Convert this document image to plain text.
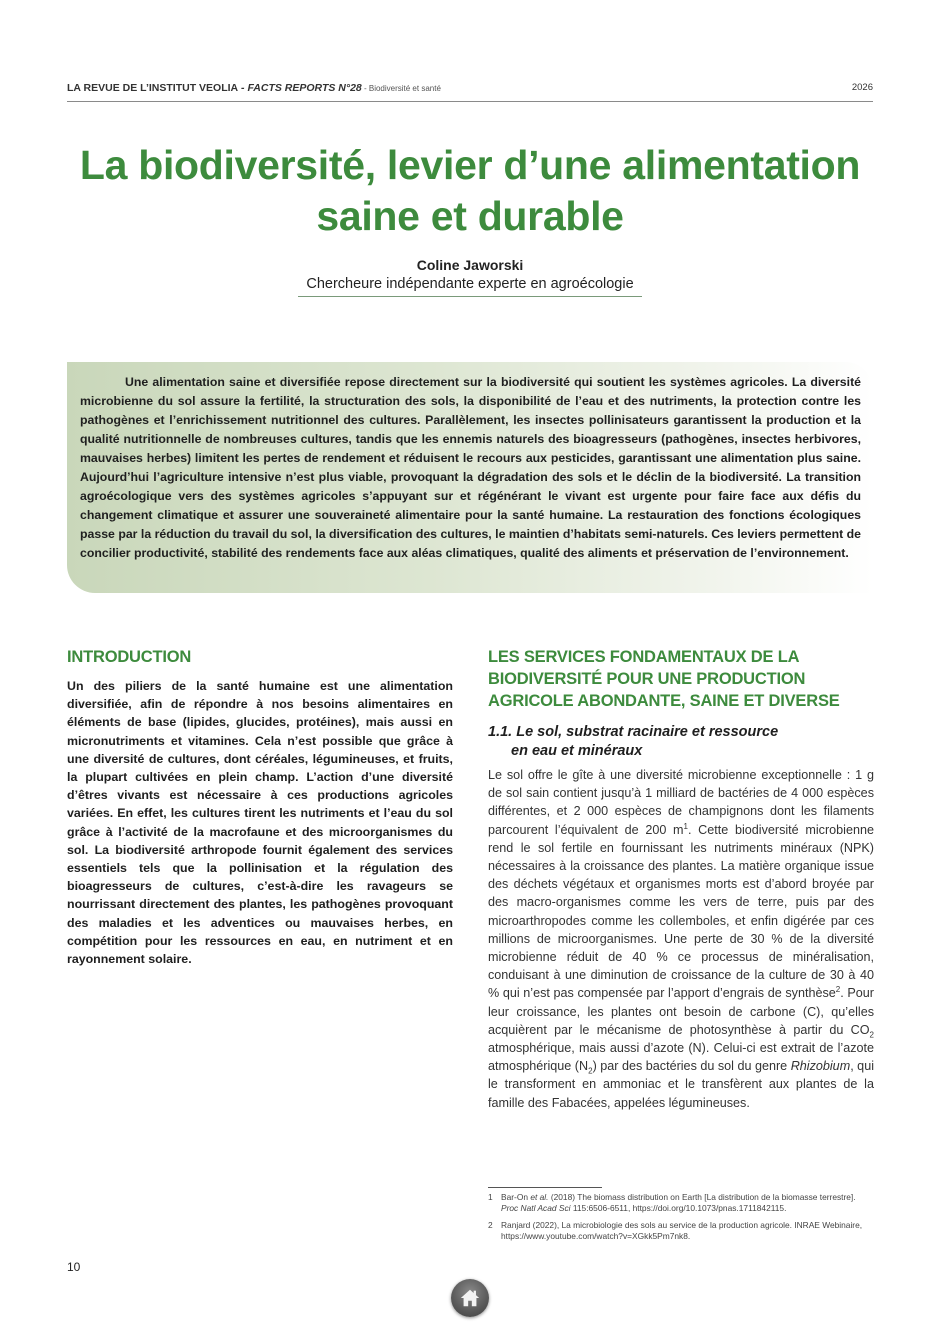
LA REVUE DE L’INSTITUT VEOLIA - FACTS REPORTS N°28 - Biodiversité et santé	2026
La biodiversité, levier d’une alimentation saine et durable
Coline Jaworski
Chercheure indépendante experte en agroécologie

Une alimentation saine et diversifiée repose directement sur la biodiversité qui soutient les systèmes agricoles. La diversité microbienne du sol assure la fertilité, la structuration des sols, la disponibilité de l’eau et des nutriments, la protection contre les pathogènes et l’enrichissement nutritionnel des cultures. Parallèlement, les insectes pollinisateurs garantissent la production et la qualité nutritionnelle de nombreuses cultures, tandis que les ennemis naturels des bioagresseurs (pathogènes, insectes herbivores, mauvaises herbes) limitent les pertes de rendement et réduisent le recours aux pesticides, garantissant une alimentation plus saine. Aujourd’hui l’agriculture intensive n’est plus viable, provoquant la dégradation des sols et le déclin de la biodiversité. La transition agroécologique vers des systèmes agricoles s’appuyant sur et régénérant le vivant est urgente pour faire face aux défis du changement climatique et assurer une souveraineté alimentaire pour la santé humaine. La restauration des fonctions écologiques passe par la réduction du travail du sol, la diversification des cultures, le maintien d’habitats semi-naturels. Ces leviers permettent de concilier productivité, stabilité des rendements face aux aléas climatiques, qualité des aliments et préservation de l’environnement.

INTRODUCTION

Un des piliers de la santé humaine est une alimentation diversifiée, afin de répondre à nos besoins alimentaires en éléments de base (lipides, glucides, protéines), mais aussi en micronutriments et vitamines. Cela n’est possible que grâce à une diversité de cultures, dont céréales, légumineuses, et fruits, la plupart cultivées en plein champ. L’action d’une diversité d’êtres vivants est nécessaire à ces productions agricoles variées. En effet, les cultures tirent les nutriments et l’eau du sol grâce à l’activité de la macrofaune et des microorganismes du sol. La biodiversité arthropode fournit également des services essentiels tels que la pollinisation et la régulation des bioagresseurs de cultures, c’est-à-dire les ravageurs se nourrissant directement des plantes, les pathogènes provoquant des maladies et les adventices ou mauvaises herbes, en compétition pour les ressources en eau, en nutriment et en rayonnement solaire.

LES SERVICES FONDAMENTAUX DE LA BIODIVERSITÉ POUR UNE PRODUCTION AGRICOLE ABONDANTE, SAINE ET DIVERSE

1.1. Le sol, substrat racinaire et ressource
en eau et minéraux

Le sol offre le gîte à une diversité microbienne exceptionnelle : 1 g de sol sain contient jusqu’à 1 milliard de bactéries de 4 000 espèces différentes, et 2 000 espèces de champignons dont les filaments parcourent l’équivalent de 200 $m^1$. Cette biodiversité microbienne rend le sol fertile en fournissant les nutriments minéraux (NPK) nécessaires à la croissance des plantes. La matière organique issue des déchets végétaux et organismes morts est d’abord broyée par des macro-organismes comme les vers de terre, puis par des microarthropodes comme les collemboles, et enfin digérée par ces millions de microorganismes. Une perte de 30 % de la diversité microbienne réduit de 40 % ce processus de minéralisation, conduisant à une diminution de croissance de la culture de 30 à 40 % qui n’est pas compensée par l’apport d’engrais de synthèse$^2$. Pour leur croissance, les plantes ont besoin de carbone (C), qu’elles acquièrent par le mécanisme de photosynthèse à partir du $CO_2$ atmosphérique, mais aussi d’azote (N). Celui-ci est extrait de l’azote atmosphérique $(N_2)$ par des bactéries du sol du genre Rhizobium, qui le transforment en ammoniac et le transfèrent aux plantes de la famille des Fabacées, appelées légumineuses.

1 Bar-On et al. (2018) The biomass distribution on Earth [La distribution de la biomasse terrestre]. Proc Natl Acad Sci 115:6506-6511, https://doi.org/10.1073/pnas.1711842115.
2 Ranjard (2022), La microbiologie des sols au service de la production agricole. INRAE Webinaire, https://www.youtube.com/watch?v=XGkk5Pm7nk8.
10
